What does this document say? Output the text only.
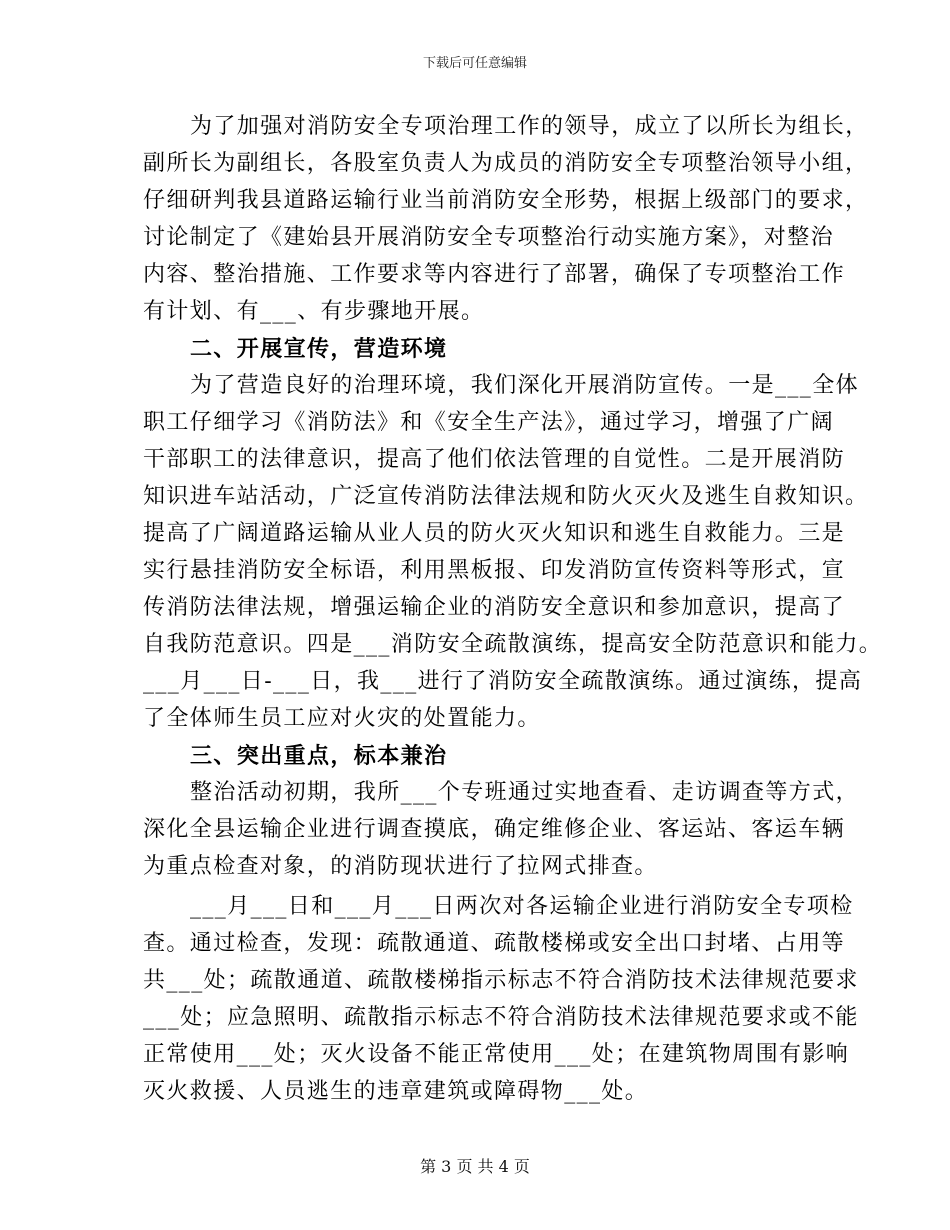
下载后可任意编辑
为了加强对消防安全专项治理工作的领导，成立了以所长为组长，
副所长为副组长，各股室负责人为成员的消防安全专项整治领导小组，
仔细研判我县道路运输行业当前消防安全形势，根据上级部门的要求，
讨论制定了《建始县开展消防安全专项整治行动实施方案》，对整治
内容、整治措施、工作要求等内容进行了部署，确保了专项整治工作
有计划、有___、有步骤地开展。
二、开展宣传，营造环境
为了营造良好的治理环境，我们深化开展消防宣传。一是___全体
职工仔细学习《消防法》和《安全生产法》，通过学习，增强了广阔
干部职工的法律意识，提高了他们依法管理的自觉性。二是开展消防
知识进车站活动，广泛宣传消防法律法规和防火灭火及逃生自救知识。
提高了广阔道路运输从业人员的防火灭火知识和逃生自救能力。三是
实行悬挂消防安全标语，利用黑板报、印发消防宣传资料等形式，宣
传消防法律法规，增强运输企业的消防安全意识和参加意识，提高了
自我防范意识。四是___消防安全疏散演练，提高安全防范意识和能力。
___月___日-___日，我___进行了消防安全疏散演练。通过演练，提高
了全体师生员工应对火灾的处置能力。
三、突出重点，标本兼治
整治活动初期，我所___个专班通过实地查看、走访调查等方式，
深化全县运输企业进行调查摸底，确定维修企业、客运站、客运车辆
为重点检查对象，的消防现状进行了拉网式排查。
___月___日和___月___日两次对各运输企业进行消防安全专项检
查。通过检查，发现：疏散通道、疏散楼梯或安全出口封堵、占用等
共___处；疏散通道、疏散楼梯指示标志不符合消防技术法律规范要求
___处；应急照明、疏散指示标志不符合消防技术法律规范要求或不能
正常使用___处；灭火设备不能正常使用___处；在建筑物周围有影响
灭火救援、人员逃生的违章建筑或障碍物___处。
第 3 页 共 4 页
